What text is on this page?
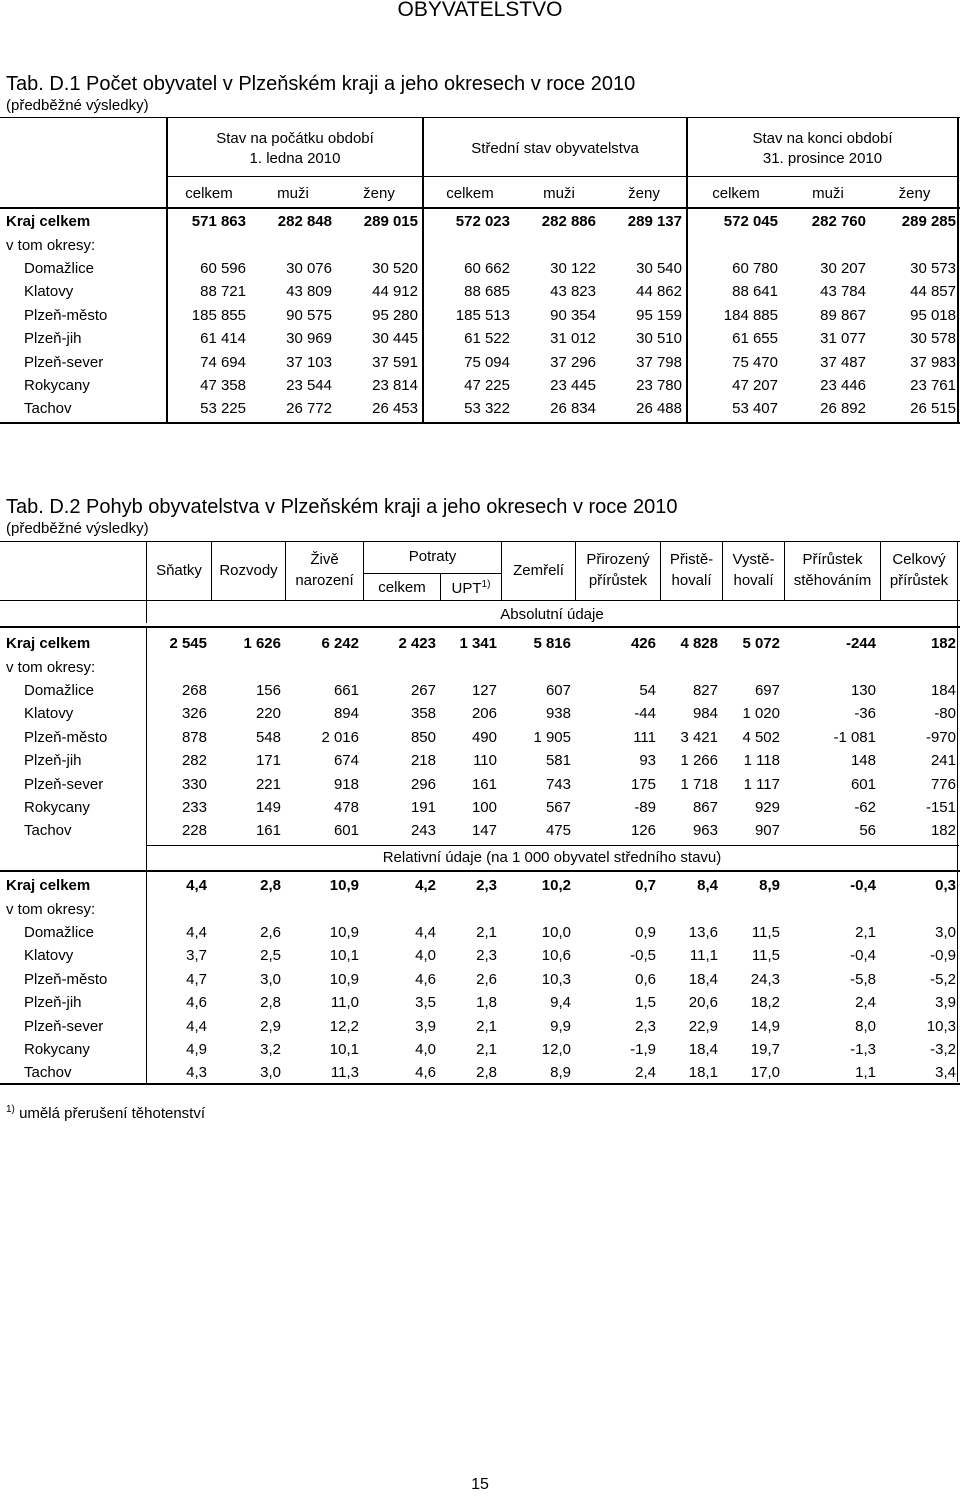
OBYVATELSTVO
Tab. D.1 Počet obyvatel v Plzeňském kraji a jeho okresech v roce 2010
(předběžné výsledky)
Stav na počátku období
1. ledna 2010
Střední stav obyvatelstva
Stav na konci období
31. prosince 2010
celkem	muži	ženy	celkem	muži	ženy	celkem	muži	ženy
Kraj celkem	571 863	282 848	289 015	572 023	282 886	289 137	572 045	282 760	289 285
v tom okresy:									
Domažlice	60 596	30 076	30 520	60 662	30 122	30 540	60 780	30 207	30 573
Klatovy	88 721	43 809	44 912	88 685	43 823	44 862	88 641	43 784	44 857
Plzeň-město	185 855	90 575	95 280	185 513	90 354	95 159	184 885	89 867	95 018
Plzeň-jih	61 414	30 969	30 445	61 522	31 012	30 510	61 655	31 077	30 578
Plzeň-sever	74 694	37 103	37 591	75 094	37 296	37 798	75 470	37 487	37 983
Rokycany	47 358	23 544	23 814	47 225	23 445	23 780	47 207	23 446	23 761
Tachov	53 225	26 772	26 453	53 322	26 834	26 488	53 407	26 892	26 515
Tab. D.2 Pohyb obyvatelstva v Plzeňském kraji a jeho okresech v roce 2010
(předběžné výsledky)
Sňatky	Rozvody
Živě
narození
Potraty
celkem	UPT$^{1)}$
Zemřelí
Přirozený
přírůstek
Přistě-
hovalí
Vystě-
hovalí
Přírůstek
stěhováním
Celkový
přírůstek
Absolutní údaje
Kraj celkem	2 545	1 626	6 242	2 423	1 341	5 816	426	4 828	5 072	-244	182
v tom okresy:											
Domažlice	268	156	661	267	127	607	54	827	697	130	184
Klatovy	326	220	894	358	206	938	-44	984	1 020	-36	-80
Plzeň-město	878	548	2 016	850	490	1 905	111	3 421	4 502	-1 081	-970
Plzeň-jih	282	171	674	218	110	581	93	1 266	1 118	148	241
Plzeň-sever	330	221	918	296	161	743	175	1 718	1 117	601	776
Rokycany	233	149	478	191	100	567	-89	867	929	-62	-151
Tachov	228	161	601	243	147	475	126	963	907	56	182
Relativní údaje (na 1 000 obyvatel středního stavu)
Kraj celkem	4,4	2,8	10,9	4,2	2,3	10,2	0,7	8,4	8,9	-0,4	0,3
v tom okresy:											
Domažlice	4,4	2,6	10,9	4,4	2,1	10,0	0,9	13,6	11,5	2,1	3,0
Klatovy	3,7	2,5	10,1	4,0	2,3	10,6	-0,5	11,1	11,5	-0,4	-0,9
Plzeň-město	4,7	3,0	10,9	4,6	2,6	10,3	0,6	18,4	24,3	-5,8	-5,2
Plzeň-jih	4,6	2,8	11,0	3,5	1,8	9,4	1,5	20,6	18,2	2,4	3,9
Plzeň-sever	4,4	2,9	12,2	3,9	2,1	9,9	2,3	22,9	14,9	8,0	10,3
Rokycany	4,9	3,2	10,1	4,0	2,1	12,0	-1,9	18,4	19,7	-1,3	-3,2
Tachov	4,3	3,0	11,3	4,6	2,8	8,9	2,4	18,1	17,0	1,1	3,4
$^{1)}$ umělá přerušení těhotenství
15
